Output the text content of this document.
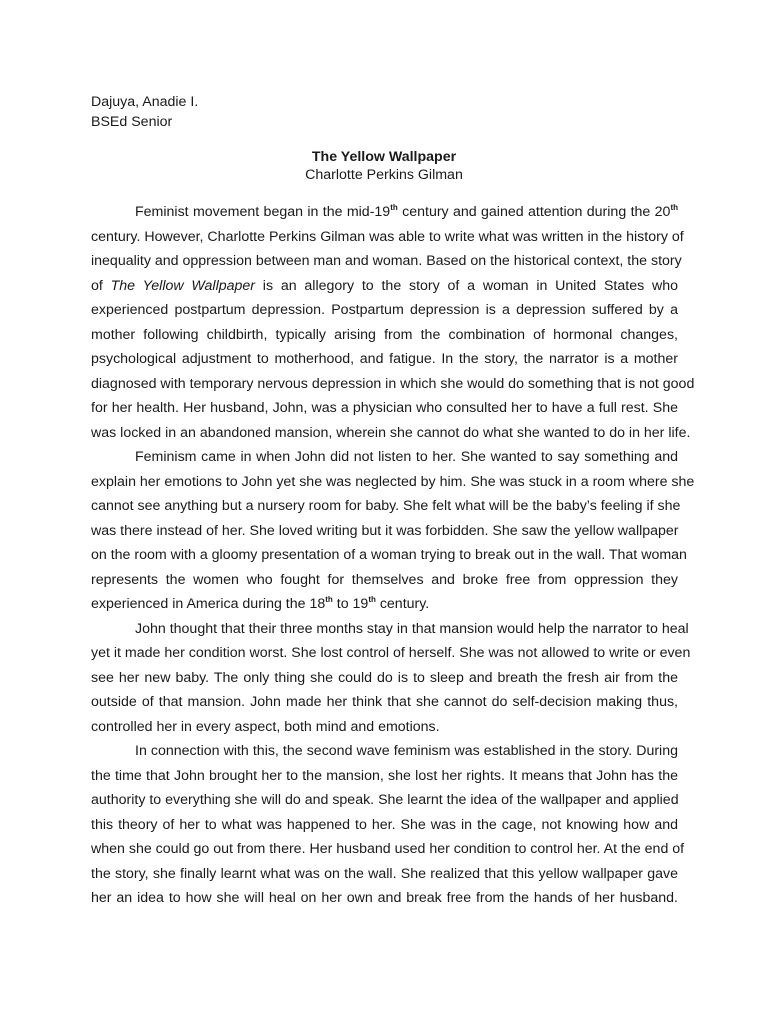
Dajuya, Anadie I.
BSEd Senior
The Yellow Wallpaper
Charlotte Perkins Gilman
Feminist movement began in the mid-19th century and gained attention during the 20th
century. However, Charlotte Perkins Gilman was able to write what was written in the history of
inequality and oppression between man and woman. Based on the historical context, the story
of The Yellow Wallpaper is an allegory to the story of a woman in United States who
experienced postpartum depression. Postpartum depression is a depression suffered by a
mother following childbirth, typically arising from the combination of hormonal changes,
psychological adjustment to motherhood, and fatigue. In the story, the narrator is a mother
diagnosed with temporary nervous depression in which she would do something that is not good
for her health. Her husband, John, was a physician who consulted her to have a full rest. She
was locked in an abandoned mansion, wherein she cannot do what she wanted to do in her life.
Feminism came in when John did not listen to her. She wanted to say something and
explain her emotions to John yet she was neglected by him. She was stuck in a room where she
cannot see anything but a nursery room for baby. She felt what will be the baby’s feeling if she
was there instead of her. She loved writing but it was forbidden. She saw the yellow wallpaper
on the room with a gloomy presentation of a woman trying to break out in the wall. That woman
represents the women who fought for themselves and broke free from oppression they
experienced in America during the 18th to 19th century.
John thought that their three months stay in that mansion would help the narrator to heal
yet it made her condition worst. She lost control of herself. She was not allowed to write or even
see her new baby. The only thing she could do is to sleep and breath the fresh air from the
outside of that mansion. John made her think that she cannot do self-decision making thus,
controlled her in every aspect, both mind and emotions.
In connection with this, the second wave feminism was established in the story. During
the time that John brought her to the mansion, she lost her rights. It means that John has the
authority to everything she will do and speak. She learnt the idea of the wallpaper and applied
this theory of her to what was happened to her. She was in the cage, not knowing how and
when she could go out from there. Her husband used her condition to control her. At the end of
the story, she finally learnt what was on the wall. She realized that this yellow wallpaper gave
her an idea to how she will heal on her own and break free from the hands of her husband.
